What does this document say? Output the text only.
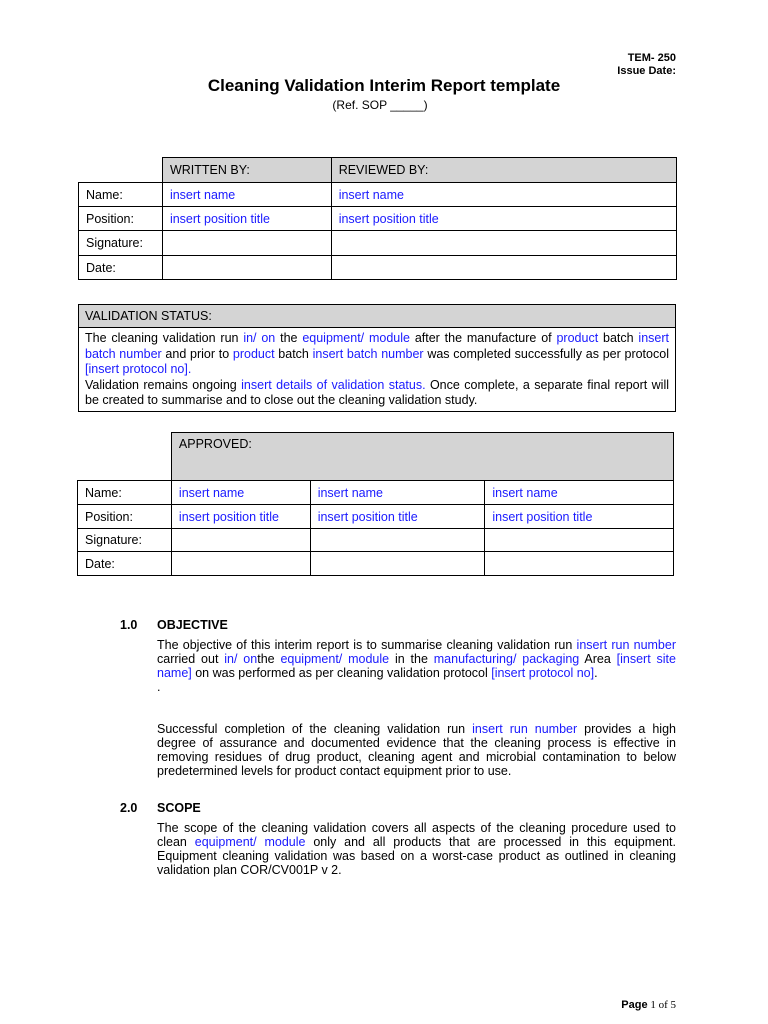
TEM- 250
Issue Date:
Cleaning Validation Interim Report template
(Ref. SOP _____)
	WRITTEN BY:	REVIEWED BY:
Name:	insert name	insert name
Position:	insert position title	insert position title
Signature:		
Date:		
VALIDATION STATUS:

The cleaning validation run in/ on the equipment/ module after the manufacture of product batch insert batch number and prior to product batch insert batch number was completed successfully as per protocol [insert protocol no].

Validation remains ongoing insert details of validation status. Once complete, a separate final report will be created to summarise and to close out the cleaning validation study.

	APPROVED:		
Name:	insert name	insert name	insert name
Position:	insert position title	insert position title	insert position title
Signature:			
Date:			
1.0 OBJECTIVE

The objective of this interim report is to summarise cleaning validation run insert run number carried out in/ onthe equipment/ module in the manufacturing/ packaging Area [insert site name] on was performed as per cleaning validation protocol [insert protocol no].

.

Successful completion of the cleaning validation run insert run number provides a high degree of assurance and documented evidence that the cleaning process is effective in removing residues of drug product, cleaning agent and microbial contamination to below predetermined levels for product contact equipment prior to use.

2.0 SCOPE

The scope of the cleaning validation covers all aspects of the cleaning procedure used to clean equipment/ module only and all products that are processed in this equipment. Equipment cleaning validation was based on a worst-case product as outlined in cleaning validation plan COR/CV001P v 2.

Page 1 of 5
